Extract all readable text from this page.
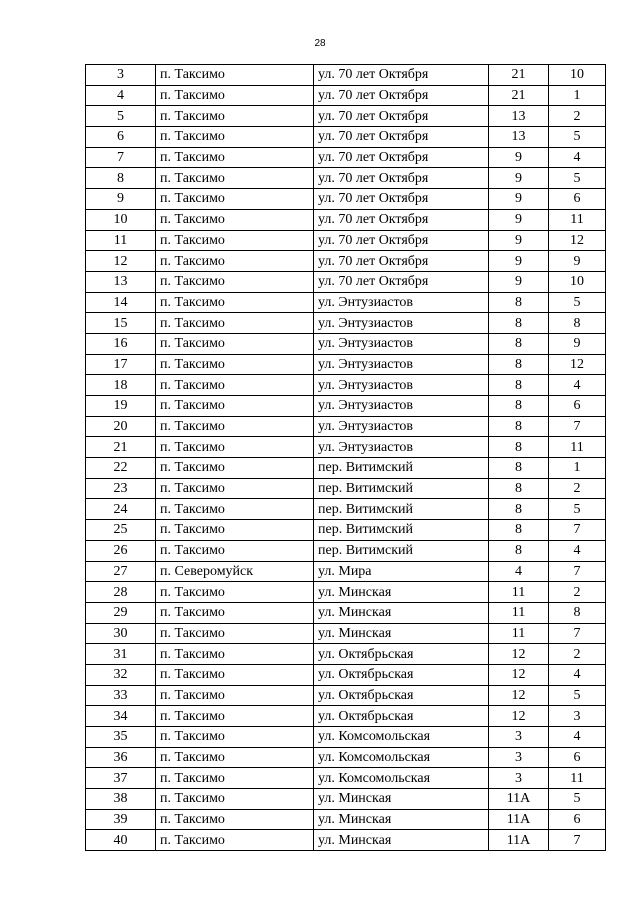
28
3	п. Таксимо	ул. 70 лет Октября	21	10
4	п. Таксимо	ул. 70 лет Октября	21	1
5	п. Таксимо	ул. 70 лет Октября	13	2
6	п. Таксимо	ул. 70 лет Октября	13	5
7	п. Таксимо	ул. 70 лет Октября	9	4
8	п. Таксимо	ул. 70 лет Октября	9	5
9	п. Таксимо	ул. 70 лет Октября	9	6
10	п. Таксимо	ул. 70 лет Октября	9	11
11	п. Таксимо	ул. 70 лет Октября	9	12
12	п. Таксимо	ул. 70 лет Октября	9	9
13	п. Таксимо	ул. 70 лет Октября	9	10
14	п. Таксимо	ул. Энтузиастов	8	5
15	п. Таксимо	ул. Энтузиастов	8	8
16	п. Таксимо	ул. Энтузиастов	8	9
17	п. Таксимо	ул. Энтузиастов	8	12
18	п. Таксимо	ул. Энтузиастов	8	4
19	п. Таксимо	ул. Энтузиастов	8	6
20	п. Таксимо	ул. Энтузиастов	8	7
21	п. Таксимо	ул. Энтузиастов	8	11
22	п. Таксимо	пер. Витимский	8	1
23	п. Таксимо	пер. Витимский	8	2
24	п. Таксимо	пер. Витимский	8	5
25	п. Таксимо	пер. Витимский	8	7
26	п. Таксимо	пер. Витимский	8	4
27	п. Северомуйск	ул. Мира	4	7
28	п. Таксимо	ул. Минская	11	2
29	п. Таксимо	ул. Минская	11	8
30	п. Таксимо	ул. Минская	11	7
31	п. Таксимо	ул. Октябрьская	12	2
32	п. Таксимо	ул. Октябрьская	12	4
33	п. Таксимо	ул. Октябрьская	12	5
34	п. Таксимо	ул. Октябрьская	12	3
35	п. Таксимо	ул. Комсомольская	3	4
36	п. Таксимо	ул. Комсомольская	3	6
37	п. Таксимо	ул. Комсомольская	3	11
38	п. Таксимо	ул. Минская	11А	5
39	п. Таксимо	ул. Минская	11А	6
40	п. Таксимо	ул. Минская	11А	7
